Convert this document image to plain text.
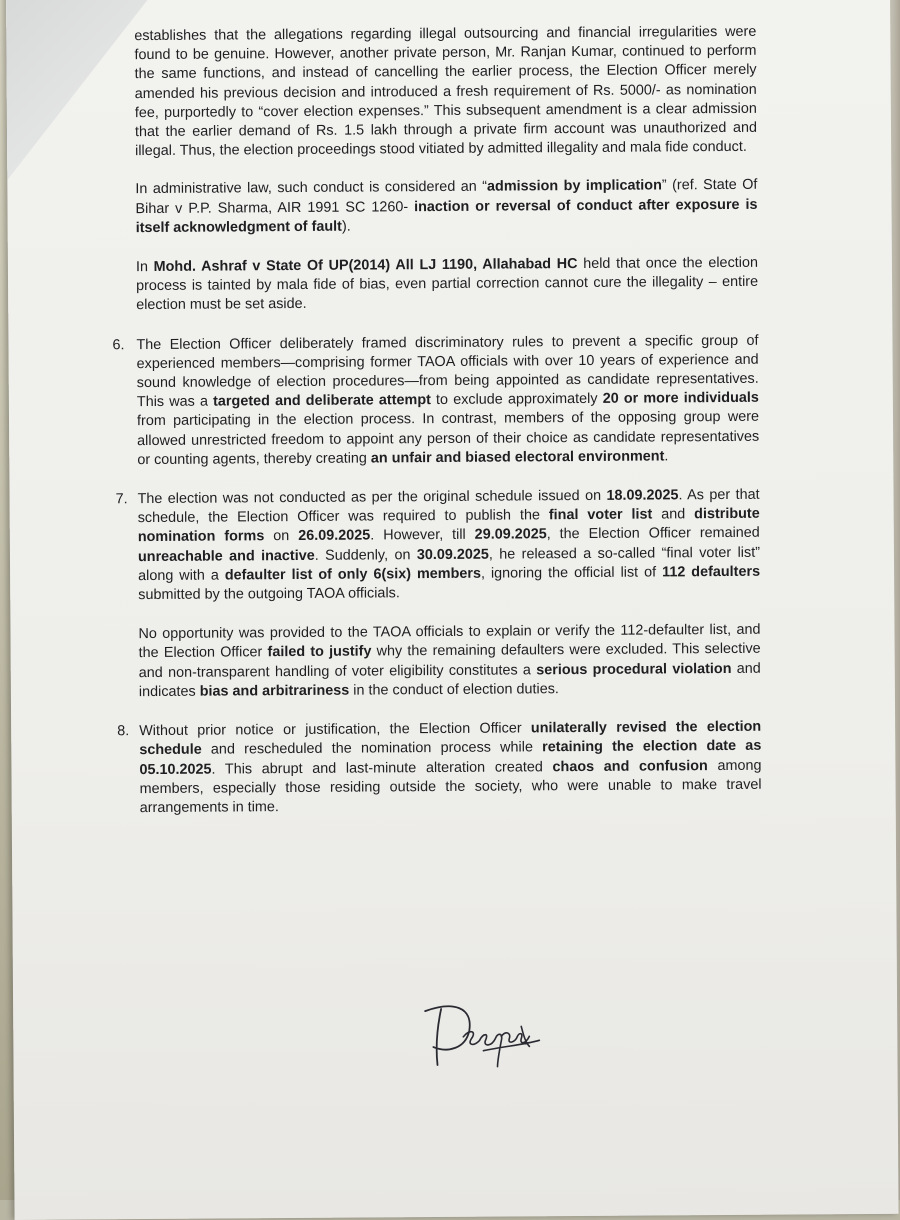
establishes that the allegations regarding illegal outsourcing and financial irregularities were found to be genuine. However, another private person, Mr. Ranjan Kumar, continued to perform the same functions, and instead of cancelling the earlier process, the Election Officer merely amended his previous decision and introduced a fresh requirement of Rs. 5000/- as nomination fee, purportedly to “cover election expenses.” This subsequent amendment is a clear admission that the earlier demand of Rs. 1.5 lakh through a private firm account was unauthorized and illegal. Thus, the election proceedings stood vitiated by admitted illegality and mala fide conduct.

In administrative law, such conduct is considered an “admission by implication” (ref. State Of Bihar v P.P. Sharma, AIR 1991 SC 1260- inaction or reversal of conduct after exposure is itself acknowledgment of fault).

In Mohd. Ashraf v State Of UP(2014) All LJ 1190, Allahabad HC held that once the election process is tainted by mala fide of bias, even partial correction cannot cure the illegality – entire election must be set aside.

6. The Election Officer deliberately framed discriminatory rules to prevent a specific group of experienced members—comprising former TAOA officials with over 10 years of experience and sound knowledge of election procedures—from being appointed as candidate representatives. This was a targeted and deliberate attempt to exclude approximately 20 or more individuals from participating in the election process. In contrast, members of the opposing group were allowed unrestricted freedom to appoint any person of their choice as candidate representatives or counting agents, thereby creating an unfair and biased electoral environment.

7. The election was not conducted as per the original schedule issued on 18.09.2025. As per that schedule, the Election Officer was required to publish the final voter list and distribute nomination forms on 26.09.2025. However, till 29.09.2025, the Election Officer remained unreachable and inactive. Suddenly, on 30.09.2025, he released a so-called “final voter list” along with a defaulter list of only 6(six) members, ignoring the official list of 112 defaulters submitted by the outgoing TAOA officials.

No opportunity was provided to the TAOA officials to explain or verify the 112-defaulter list, and the Election Officer failed to justify why the remaining defaulters were excluded. This selective and non-transparent handling of voter eligibility constitutes a serious procedural violation and indicates bias and arbitrariness in the conduct of election duties.

8. Without prior notice or justification, the Election Officer unilaterally revised the election schedule and rescheduled the nomination process while retaining the election date as 05.10.2025. This abrupt and last-minute alteration created chaos and confusion among members, especially those residing outside the society, who were unable to make travel arrangements in time.
